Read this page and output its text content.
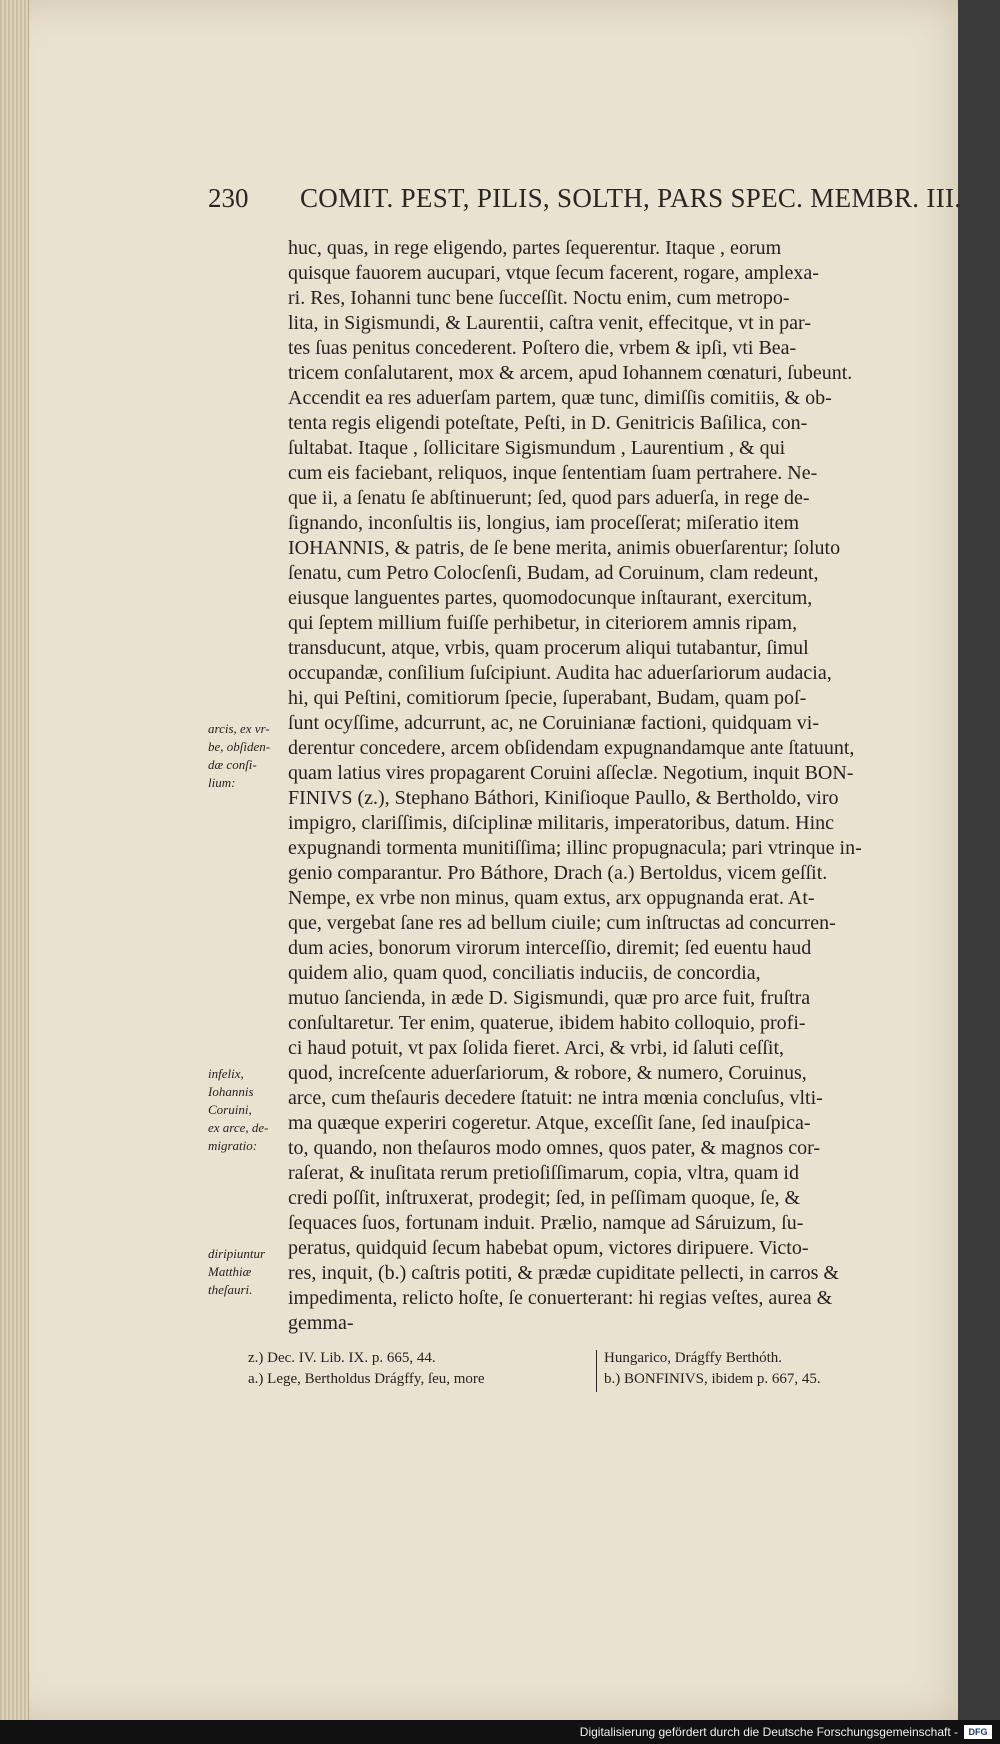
230 COMIT. PEST, PILIS, SOLTH, PARS SPEC. MEMBR. III.
huc, quas, in rege eligendo, partes ſequerentur. Itaque , eorum
quisque fauorem aucupari, vtque ſecum facerent, rogare, amplexa-
ri. Res, Iohanni tunc bene ſucceſſit. Noctu enim, cum metropo-
lita, in Sigismundi, & Laurentii, caſtra venit, effecitque, vt in par-
tes ſuas penitus concederent. Poſtero die, vrbem & ipſi, vti Bea-
tricem conſalutarent, mox & arcem, apud Iohannem cœnaturi, ſubeunt.
Accendit ea res aduerſam partem, quæ tunc, dimiſſis comitiis, & ob-
tenta regis eligendi poteſtate, Peſti, in D. Genitricis Baſilica, con-
ſultabat. Itaque , ſollicitare Sigismundum , Laurentium , & qui
cum eis faciebant, reliquos, inque ſententiam ſuam pertrahere. Ne-
que ii, a ſenatu ſe abſtinuerunt; ſed, quod pars aduerſa, in rege de-
ſignando, inconſultis iis, longius, iam proceſſerat; miſeratio item
IOHANNIS, & patris, de ſe bene merita, animis obuerſarentur; ſoluto
ſenatu, cum Petro Colocſenſi, Budam, ad Coruinum, clam redeunt,
eiusque languentes partes, quomodocunque inſtaurant, exercitum,
qui ſeptem millium fuiſſe perhibetur, in citeriorem amnis ripam,
transducunt, atque, vrbis, quam procerum aliqui tutabantur, ſimul
occupandæ, conſilium ſuſcipiunt. Audita hac aduerſariorum audacia,
hi, qui Peſtini, comitiorum ſpecie, ſuperabant, Budam, quam poſ-
ſunt ocyſſime, adcurrunt, ac, ne Coruinianæ factioni, quidquam vi-
derentur concedere, arcem obſidendam expugnandamque ante ſtatuunt,
quam latius vires propagarent Coruini aſſeclæ. Negotium, inquit BON-
FINIVS (z.), Stephano Báthori, Kiniſioque Paullo, & Bertholdo, viro
impigro, clariſſimis, diſciplinæ militaris, imperatoribus, datum. Hinc
expugnandi tormenta munitiſſima; illinc propugnacula; pari vtrinque in-
genio comparantur. Pro Báthore, Drach (a.) Bertoldus, vicem geſſit.
Nempe, ex vrbe non minus, quam extus, arx oppugnanda erat. At-
que, vergebat ſane res ad bellum ciuile; cum inſtructas ad concurren-
dum acies, bonorum virorum interceſſio, diremit; ſed euentu haud
quidem alio, quam quod, conciliatis induciis, de concordia,
mutuo ſancienda, in æde D. Sigismundi, quæ pro arce fuit, fruſtra
conſultaretur. Ter enim, quaterue, ibidem habito colloquio, profi-
ci haud potuit, vt pax ſolida fieret. Arci, & vrbi, id ſaluti ceſſit,
quod, increſcente aduerſariorum, & robore, & numero, Coruinus,
arce, cum theſauris decedere ſtatuit: ne intra mœnia concluſus, vlti-
ma quæque experiri cogeretur. Atque, exceſſit ſane, ſed inauſpica-
to, quando, non theſauros modo omnes, quos pater, & magnos cor-
raſerat, & inuſitata rerum pretioſiſſimarum, copia, vltra, quam id
credi poſſit, inſtruxerat, prodegit; ſed, in peſſimam quoque, ſe, &
ſequaces ſuos, fortunam induit. Prælio, namque ad Sáruizum, ſu-
peratus, quidquid ſecum habebat opum, victores diripuere. Victo-
res, inquit, (b.) caſtris potiti, & prædæ cupiditate pellecti, in carros &
impedimenta, relicto hoſte, ſe conuerterant: hi regias veſtes, aurea &
gemma-
arcis, ex vr-
be, obſiden-
dæ conſi-
lium:
infelix,
Iohannis
Coruini,
ex arce, de-
migratio:
diripiuntur
Matthiæ
theſauri.
z.) Dec. IV. Lib. IX. p. 665, 44.
a.) Lege, Bertholdus Drágffy, ſeu, more
Hungarico, Drágffy Berthóth.
b.) BONFINIVS, ibidem p. 667, 45.
Digitalisierung gefördert durch die Deutsche Forschungsgemeinschaft -	DFG
